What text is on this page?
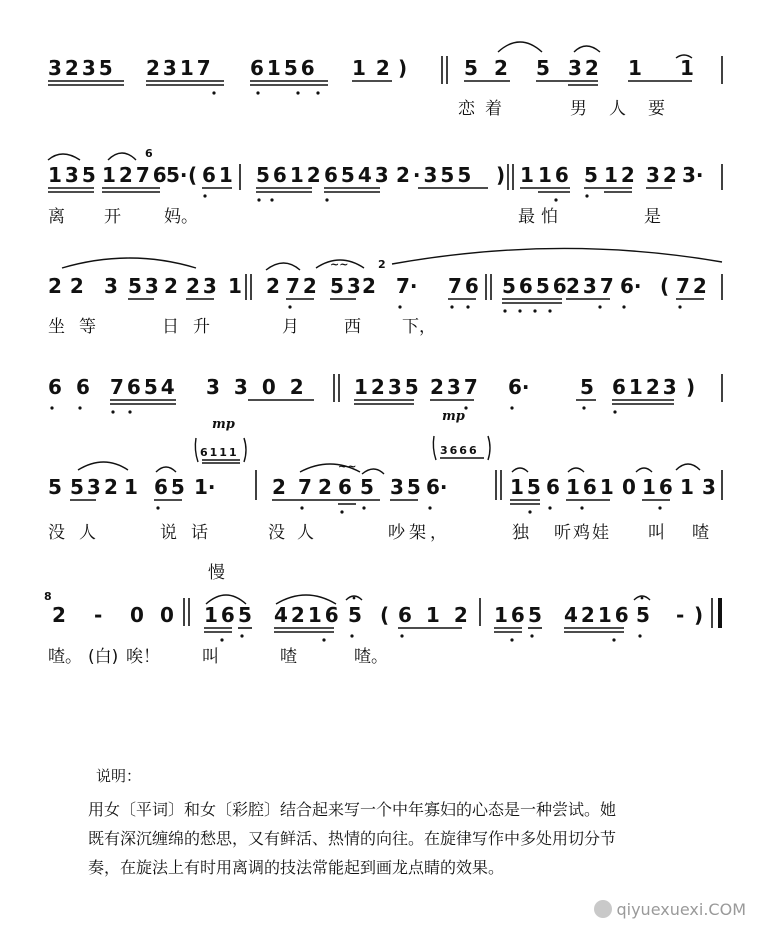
3235 2317 6156 12
)	5 2 5 32 1 1
恋着	男人要
6
135 1276
5· ( 61 5612 6543 2·355 ) 1 16 5 12 32 3·
离 开	妈。	最怕	是
22 3 53 2 23 1 2 72
~~
53
2
2
7· 76 5656
237 6· ( 72
坐等	日升	月	西 下，
6 6 7654 3302 1235 237 6·	5 6123 )
mp
6111
mp
3666
5 53 2 1 65 1·
~~
2 7 2 6 5 35 6·	15 6 161 0 16 1 3
没人	说话	没人	吵架，	独 听鸡娃 叫 喳
慢
8
2 - 0 0 16 5 4216 5 ( 612 16 5 4216 5 - )
喳。 (白) 唉！ 叫	喳	喳。
说明：
用女〔平词〕和女〔彩腔〕结合起来写一个中年寡妇的心态是一种尝试。她
既有深沉缠绵的愁思，又有鲜活、热情的向往。在旋律写作中多处用切分节
奏，在旋法上有时用离调的技法常能起到画龙点睛的效果。
qiyuexuexi.COM
